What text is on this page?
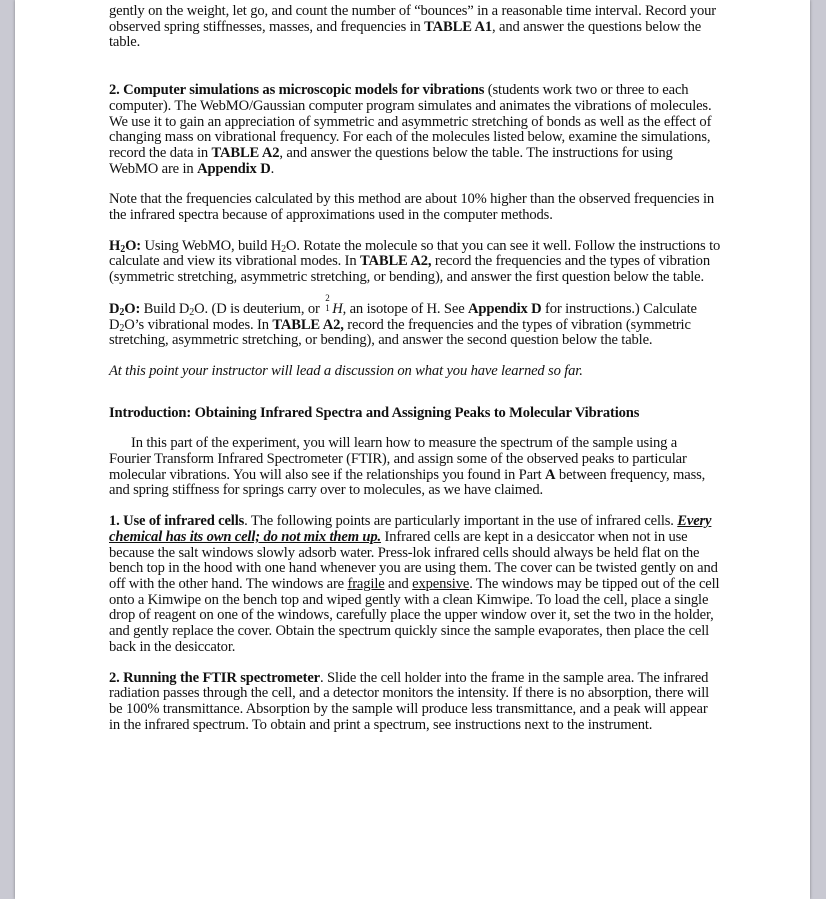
gently on the weight, let go, and count the number of “bounces” in a reasonable time interval. Record your observed spring stiffnesses, masses, and frequencies in TABLE A1, and answer the questions below the table.

2. Computer simulations as microscopic models for vibrations (students work two or three to each computer). The WebMO/Gaussian computer program simulates and animates the vibrations of molecules. We use it to gain an appreciation of symmetric and asymmetric stretching of bonds as well as the effect of changing mass on vibrational frequency. For each of the molecules listed below, examine the simulations, record the data in TABLE A2, and answer the questions below the table. The instructions for using WebMO are in Appendix D.

Note that the frequencies calculated by this method are about 10% higher than the observed frequencies in the infrared spectra because of approximations used in the computer methods.

$H_2O$: Using WebMO, build $H_2O$. Rotate the molecule so that you can see it well. Follow the instructions to calculate and view its vibrational modes. In TABLE A2, record the frequencies and the types of vibration (symmetric stretching, asymmetric stretching, or bending), and answer the first question below the table.

$D_2O$: Build $D_2O$. (D is deuterium, or
2
1 H, an isotope of H. See Appendix D for instructions.) Calculate $D_2O’s$ vibrational modes. In TABLE A2, record the frequencies and the types of vibration (symmetric stretching, asymmetric stretching, or bending), and answer the second question below the table.

At this point your instructor will lead a discussion on what you have learned so far.

Introduction: Obtaining Infrared Spectra and Assigning Peaks to Molecular Vibrations

In this part of the experiment, you will learn how to measure the spectrum of the sample using a Fourier Transform Infrared Spectrometer (FTIR), and assign some of the observed peaks to particular molecular vibrations. You will also see if the relationships you found in Part A between frequency, mass, and spring stiffness for springs carry over to molecules, as we have claimed.

1. Use of infrared cells. The following points are particularly important in the use of infrared cells. Every chemical has its own cell; do not mix them up. Infrared cells are kept in a desiccator when not in use because the salt windows slowly adsorb water. Press-lok infrared cells should always be held flat on the bench top in the hood with one hand whenever you are using them. The cover can be twisted gently on and off with the other hand. The windows are fragile and expensive. The windows may be tipped out of the cell onto a Kimwipe on the bench top and wiped gently with a clean Kimwipe. To load the cell, place a single drop of reagent on one of the windows, carefully place the upper window over it, set the two in the holder, and gently replace the cover. Obtain the spectrum quickly since the sample evaporates, then place the cell back in the desiccator.

2. Running the FTIR spectrometer. Slide the cell holder into the frame in the sample area. The infrared radiation passes through the cell, and a detector monitors the intensity. If there is no absorption, there will be 100% transmittance. Absorption by the sample will produce less transmittance, and a peak will appear in the infrared spectrum. To obtain and print a spectrum, see instructions next to the instrument.
